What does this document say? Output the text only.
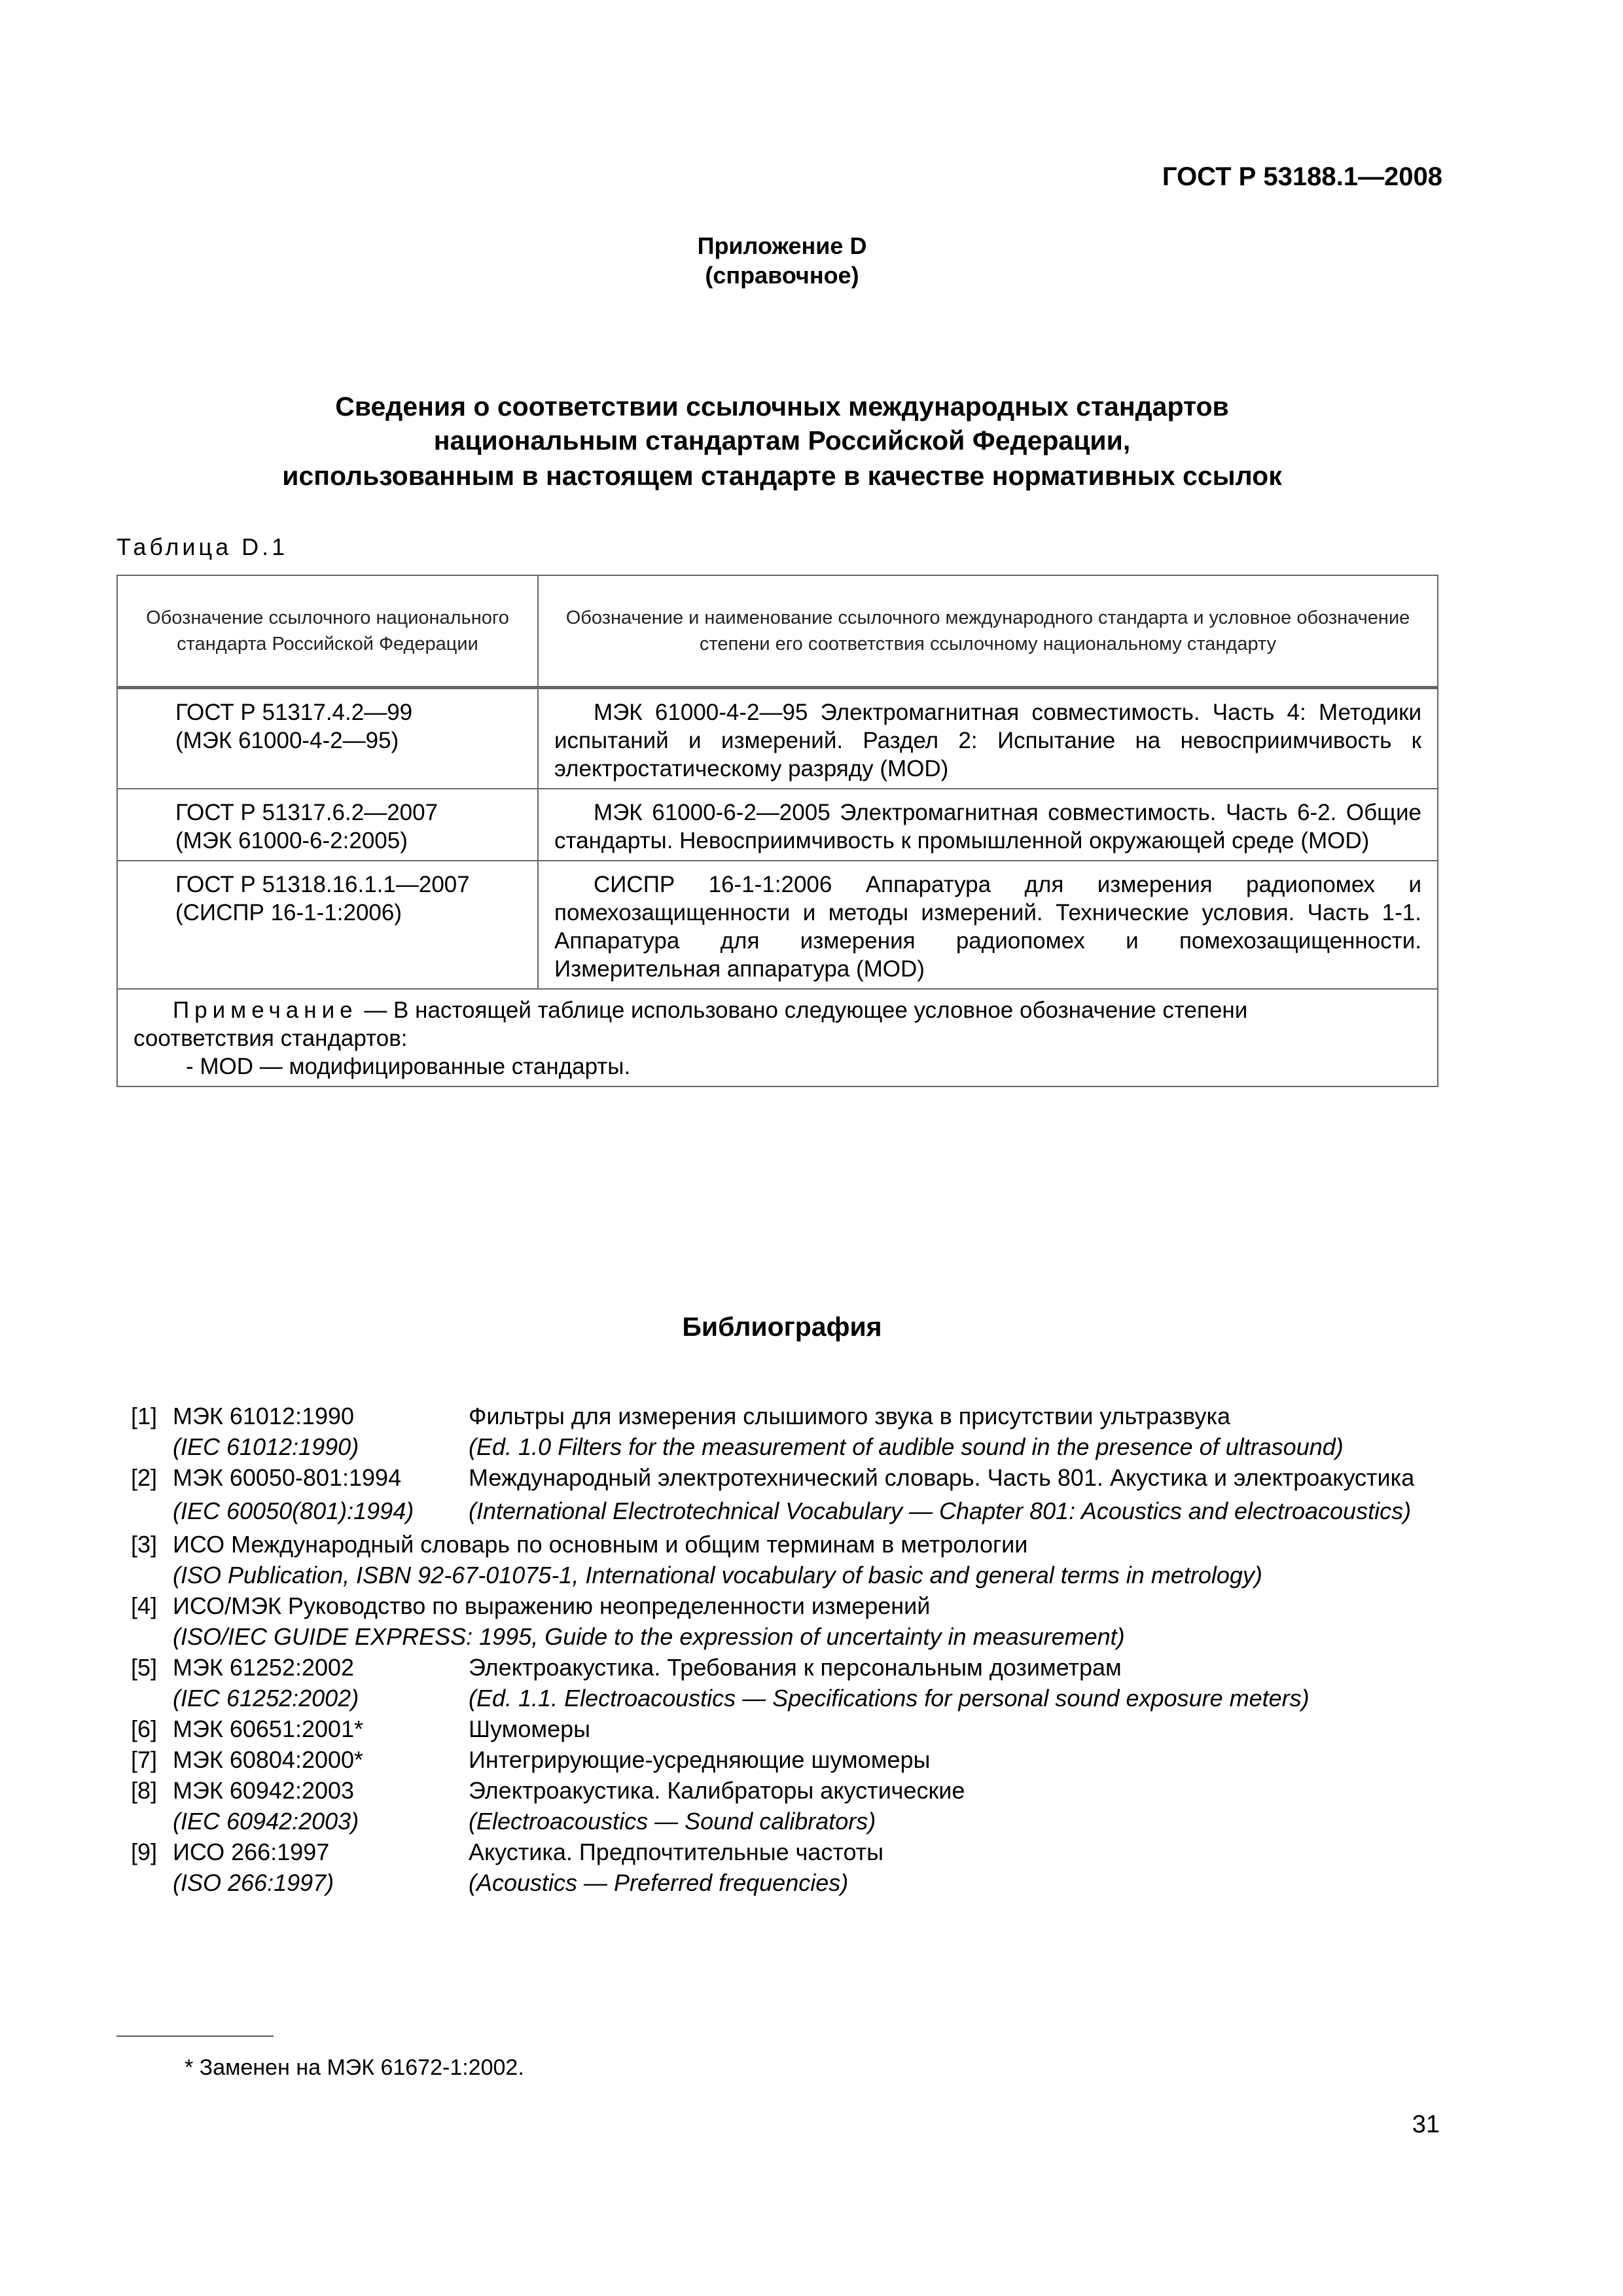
ГОСТ Р 53188.1—2008
Приложение D
(справочное)
Сведения о соответствии ссылочных международных стандартов
национальным стандартам Российской Федерации,
использованным в настоящем стандарте в качестве нормативных ссылок
Таблица D.1
Обозначение ссылочного национального стандарта Российской Федерации	Обозначение и наименование ссылочного международного стандарта и условное обозначение степени его соответствия ссылочному национальному стандарту

ГОСТ Р 51317.4.2—99
(МЭК 61000-4-2—95)	МЭК 61000-4-2—95 Электромагнитная совместимость. Часть 4: Методики испытаний и измерений. Раздел 2: Испытание на невосприимчивость к электростатическому разряду (MOD)

ГОСТ Р 51317.6.2—2007
(МЭК 61000-6-2:2005)	МЭК 61000-6-2—2005 Электромагнитная совместимость. Часть 6-2. Общие стандарты. Невосприимчивость к промышленной окружающей среде (MOD)

ГОСТ Р 51318.16.1.1—2007
(СИСПР 16-1-1:2006)	СИСПР 16-1-1:2006 Аппаратура для измерения радиопомех и помехозащищенности и методы измерений. Технические условия. Часть 1-1. Аппаратура для измерения радиопомех и помехозащищенности. Измерительная аппаратура (MOD)
Примечание — В настоящей таблице использовано следующее условное обозначение степени
соответствия стандартов:
- MOD — модифицированные стандарты.	
Библиография
[1] МЭК 61012:1990	Фильтры для измерения слышимого звука в присутствии ультразвука
(IEC 61012:1990)	(Ed. 1.0 Filters for the measurement of audible sound in the presence of ultrasound)
[2] МЭК 60050-801:1994	Международный электротехнический словарь. Часть 801. Акустика и электроакустика
(IEC 60050(801):1994)	(International Electrotechnical Vocabulary — Chapter 801: Acoustics and electroacoustics)
[3] ИСО Международный словарь по основным и общим терминам в метрологии
(ISO Publication, ISBN 92-67-01075-1, International vocabulary of basic and general terms in metrology)
[4] ИСО/МЭК Руководство по выражению неопределенности измерений
(ISO/IEC GUIDE EXPRESS: 1995, Guide to the expression of uncertainty in measurement)
[5] МЭК 61252:2002	Электроакустика. Требования к персональным дозиметрам
(IEC 61252:2002)	(Ed. 1.1. Electroacoustics — Specifications for personal sound exposure meters)
[6] МЭК 60651:2001*	Шумомеры
[7] МЭК 60804:2000*	Интегрирующие-усредняющие шумомеры
[8] МЭК 60942:2003	Электроакустика. Калибраторы акустические
(IEC 60942:2003)	(Electroacoustics — Sound calibrators)
[9] ИСО 266:1997	Акустика. Предпочтительные частоты
(ISO 266:1997)	(Acoustics — Preferred frequencies)
* Заменен на МЭК 61672-1:2002.
31
